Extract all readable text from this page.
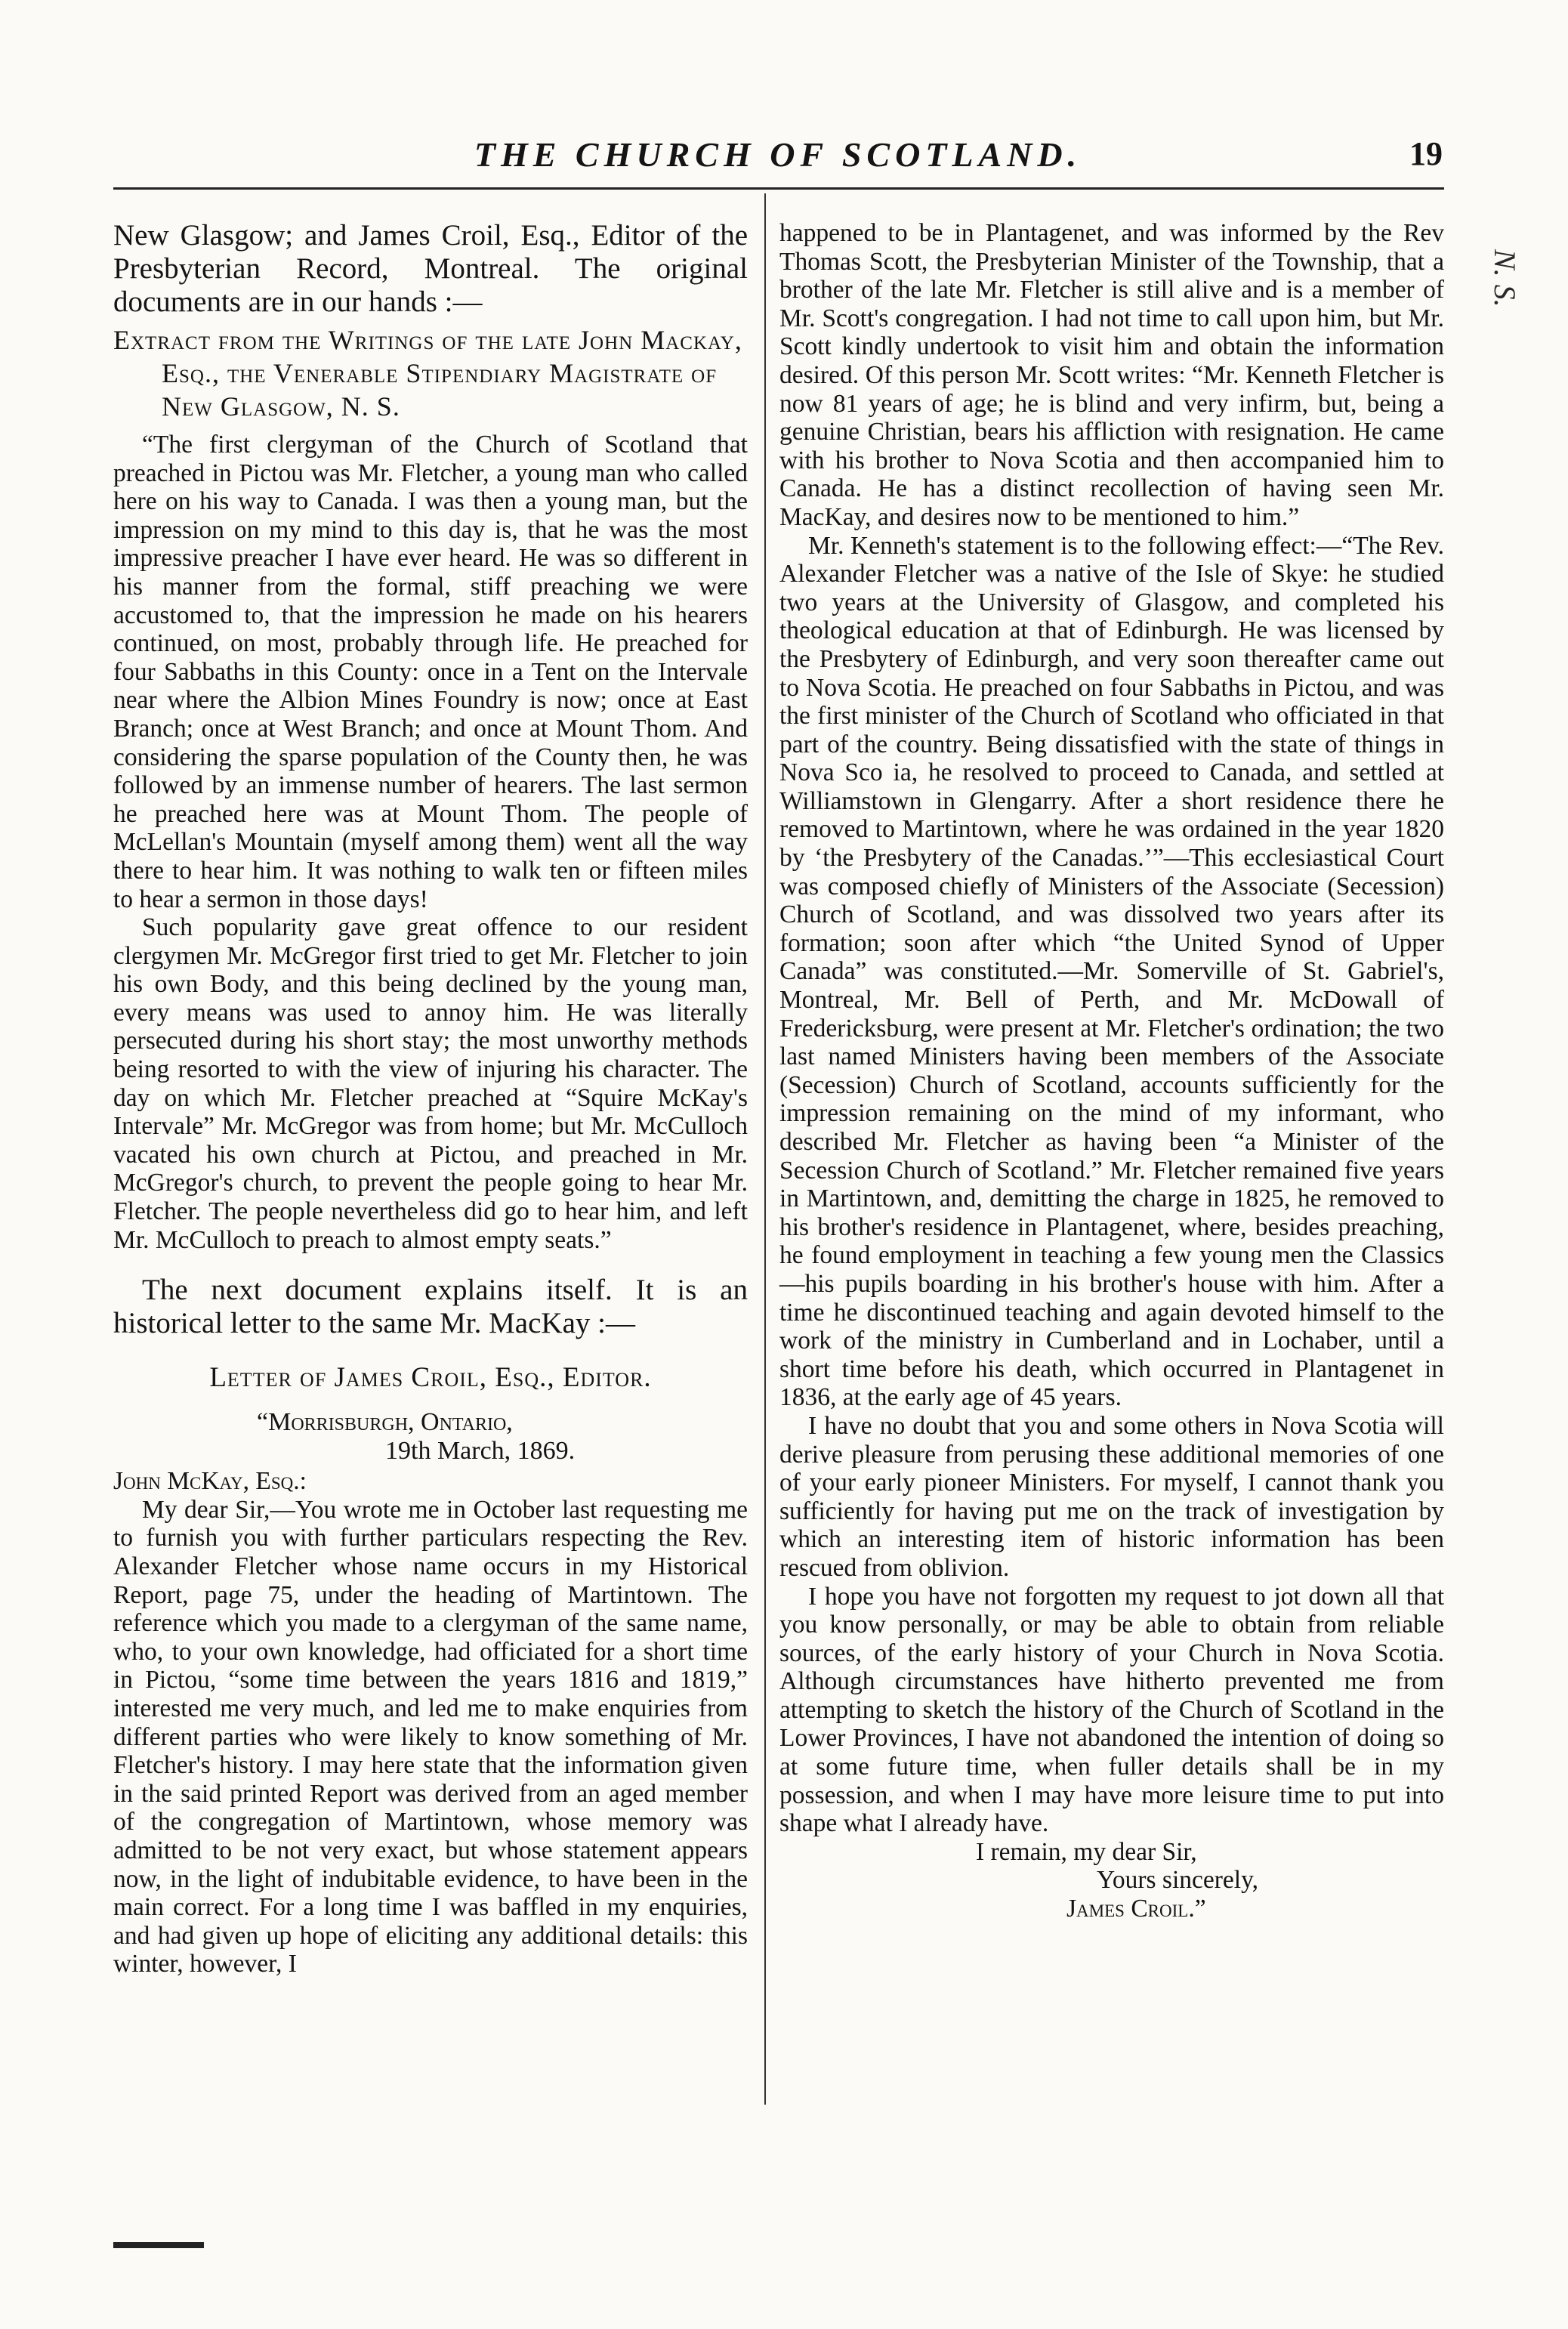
THE CHURCH OF SCOTLAND.	19

New Glasgow; and James Croil, Esq., Editor of the Presbyterian Record, Montreal. The original documents are in our hands :—

Extract from the Writings of the late John Mackay, Esq., the Venerable Stipendiary Magistrate of New Glasgow, N. S.

“The first clergyman of the Church of Scotland that preached in Pictou was Mr. Fletcher, a young man who called here on his way to Canada. I was then a young man, but the impression on my mind to this day is, that he was the most impressive preacher I have ever heard. He was so different in his manner from the formal, stiff preaching we were accustomed to, that the impression he made on his hearers continued, on most, probably through life. He preached for four Sabbaths in this County: once in a Tent on the Intervale near where the Albion Mines Foundry is now; once at East Branch; once at West Branch; and once at Mount Thom. And considering the sparse population of the County then, he was followed by an immense number of hearers. The last sermon he preached here was at Mount Thom. The people of McLellan's Mountain (myself among them) went all the way there to hear him. It was nothing to walk ten or fifteen miles to hear a sermon in those days!

Such popularity gave great offence to our resident clergymen Mr. McGregor first tried to get Mr. Fletcher to join his own Body, and this being declined by the young man, every means was used to annoy him. He was literally persecuted during his short stay; the most unworthy methods being resorted to with the view of injuring his character. The day on which Mr. Fletcher preached at “Squire McKay's Intervale” Mr. McGregor was from home; but Mr. McCulloch vacated his own church at Pictou, and preached in Mr. McGregor's church, to prevent the people going to hear Mr. Fletcher. The people nevertheless did go to hear him, and left Mr. McCulloch to preach to almost empty seats.”

The next document explains itself. It is an historical letter to the same Mr. MacKay :—

Letter of James Croil, Esq., Editor.

“Morrisburgh, Ontario,
19th March, 1869.

John McKay, Esq.:

My dear Sir,—You wrote me in October last requesting me to furnish you with further particulars respecting the Rev. Alexander Fletcher whose name occurs in my Historical Report, page 75, under the heading of Martintown. The reference which you made to a clergyman of the same name, who, to your own knowledge, had officiated for a short time in Pictou, “some time between the years 1816 and 1819,” interested me very much, and led me to make enquiries from different parties who were likely to know something of Mr. Fletcher's history. I may here state that the information given in the said printed Report was derived from an aged member of the congregation of Martintown, whose memory was admitted to be not very exact, but whose statement appears now, in the light of indubitable evidence, to have been in the main correct. For a long time I was baffled in my enquiries, and had given up hope of eliciting any additional details: this winter, however, I

happened to be in Plantagenet, and was informed by the Rev Thomas Scott, the Presbyterian Minister of the Township, that a brother of the late Mr. Fletcher is still alive and is a member of Mr. Scott's congregation. I had not time to call upon him, but Mr. Scott kindly undertook to visit him and obtain the information desired. Of this person Mr. Scott writes: “Mr. Kenneth Fletcher is now 81 years of age; he is blind and very infirm, but, being a genuine Christian, bears his affliction with resignation. He came with his brother to Nova Scotia and then accompanied him to Canada. He has a distinct recollection of having seen Mr. MacKay, and desires now to be mentioned to him.”

Mr. Kenneth's statement is to the following effect:—“The Rev. Alexander Fletcher was a native of the Isle of Skye: he studied two years at the University of Glasgow, and completed his theological education at that of Edinburgh. He was licensed by the Presbytery of Edinburgh, and very soon thereafter came out to Nova Scotia. He preached on four Sabbaths in Pictou, and was the first minister of the Church of Scotland who officiated in that part of the country. Being dissatisfied with the state of things in Nova Sco ia, he resolved to proceed to Canada, and settled at Williamstown in Glengarry. After a short residence there he removed to Martintown, where he was ordained in the year 1820 by ‘the Presbytery of the Canadas.’”—This ecclesiastical Court was composed chiefly of Ministers of the Associate (Secession) Church of Scotland, and was dissolved two years after its formation; soon after which “the United Synod of Upper Canada” was constituted.—Mr. Somerville of St. Gabriel's, Montreal, Mr. Bell of Perth, and Mr. McDowall of Fredericksburg, were present at Mr. Fletcher's ordination; the two last named Ministers having been members of the Associate (Secession) Church of Scotland, accounts sufficiently for the impression remaining on the mind of my informant, who described Mr. Fletcher as having been “a Minister of the Secession Church of Scotland.” Mr. Fletcher remained five years in Martintown, and, demitting the charge in 1825, he removed to his brother's residence in Plantagenet, where, besides preaching, he found employment in teaching a few young men the Classics—his pupils boarding in his brother's house with him. After a time he discontinued teaching and again devoted himself to the work of the ministry in Cumberland and in Lochaber, until a short time before his death, which occurred in Plantagenet in 1836, at the early age of 45 years.

I have no doubt that you and some others in Nova Scotia will derive pleasure from perusing these additional memories of one of your early pioneer Ministers. For myself, I cannot thank you sufficiently for having put me on the track of investigation by which an interesting item of historic information has been rescued from oblivion.

I hope you have not forgotten my request to jot down all that you know personally, or may be able to obtain from reliable sources, of the early history of your Church in Nova Scotia. Although circumstances have hitherto prevented me from attempting to sketch the history of the Church of Scotland in the Lower Provinces, I have not abandoned the intention of doing so at some future time, when fuller details shall be in my possession, and when I may have more leisure time to put into shape what I already have.

I remain, my dear Sir,
Yours sincerely,
James Croil.”

N. S.
